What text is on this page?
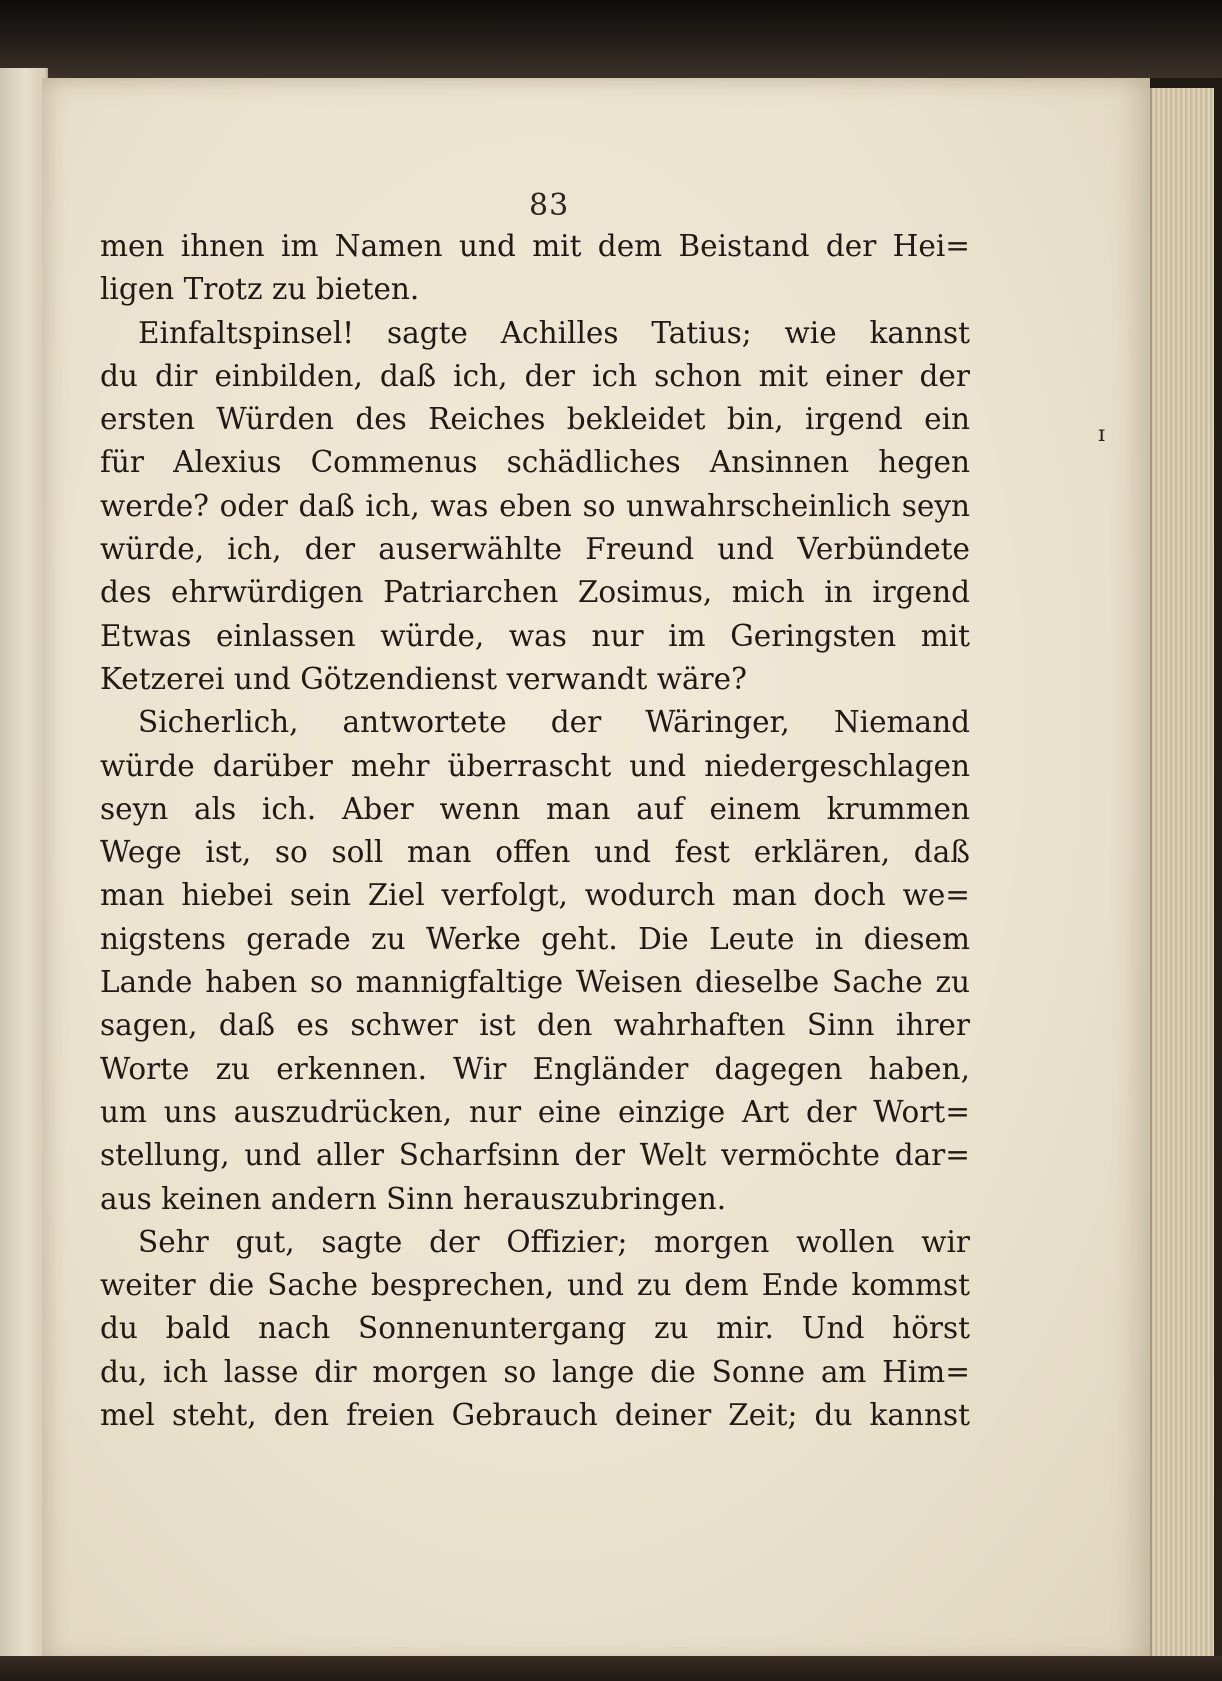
83
ɪ
men ihnen im Namen und mit dem Beistand der Hei=
ligen Trotz zu bieten.
Einfaltspinsel! sagte Achilles Tatius; wie kannst
du dir einbilden, daß ich, der ich schon mit einer der
ersten Würden des Reiches bekleidet bin, irgend ein
für Alexius Commenus schädliches Ansinnen hegen
werde? oder daß ich, was eben so unwahrscheinlich seyn
würde, ich, der auserwählte Freund und Verbündete
des ehrwürdigen Patriarchen Zosimus, mich in irgend
Etwas einlassen würde, was nur im Geringsten mit
Ketzerei und Götzendienst verwandt wäre?
Sicherlich, antwortete der Wäringer, Niemand
würde darüber mehr überrascht und niedergeschlagen
seyn als ich. Aber wenn man auf einem krummen
Wege ist, so soll man offen und fest erklären, daß
man hiebei sein Ziel verfolgt, wodurch man doch we=
nigstens gerade zu Werke geht. Die Leute in diesem
Lande haben so mannigfaltige Weisen dieselbe Sache zu
sagen, daß es schwer ist den wahrhaften Sinn ihrer
Worte zu erkennen. Wir Engländer dagegen haben,
um uns auszudrücken, nur eine einzige Art der Wort=
stellung, und aller Scharfsinn der Welt vermöchte dar=
aus keinen andern Sinn herauszubringen.
Sehr gut, sagte der Offizier; morgen wollen wir
weiter die Sache besprechen, und zu dem Ende kommst
du bald nach Sonnenuntergang zu mir. Und hörst
du, ich lasse dir morgen so lange die Sonne am Him=
mel steht, den freien Gebrauch deiner Zeit; du kannst
